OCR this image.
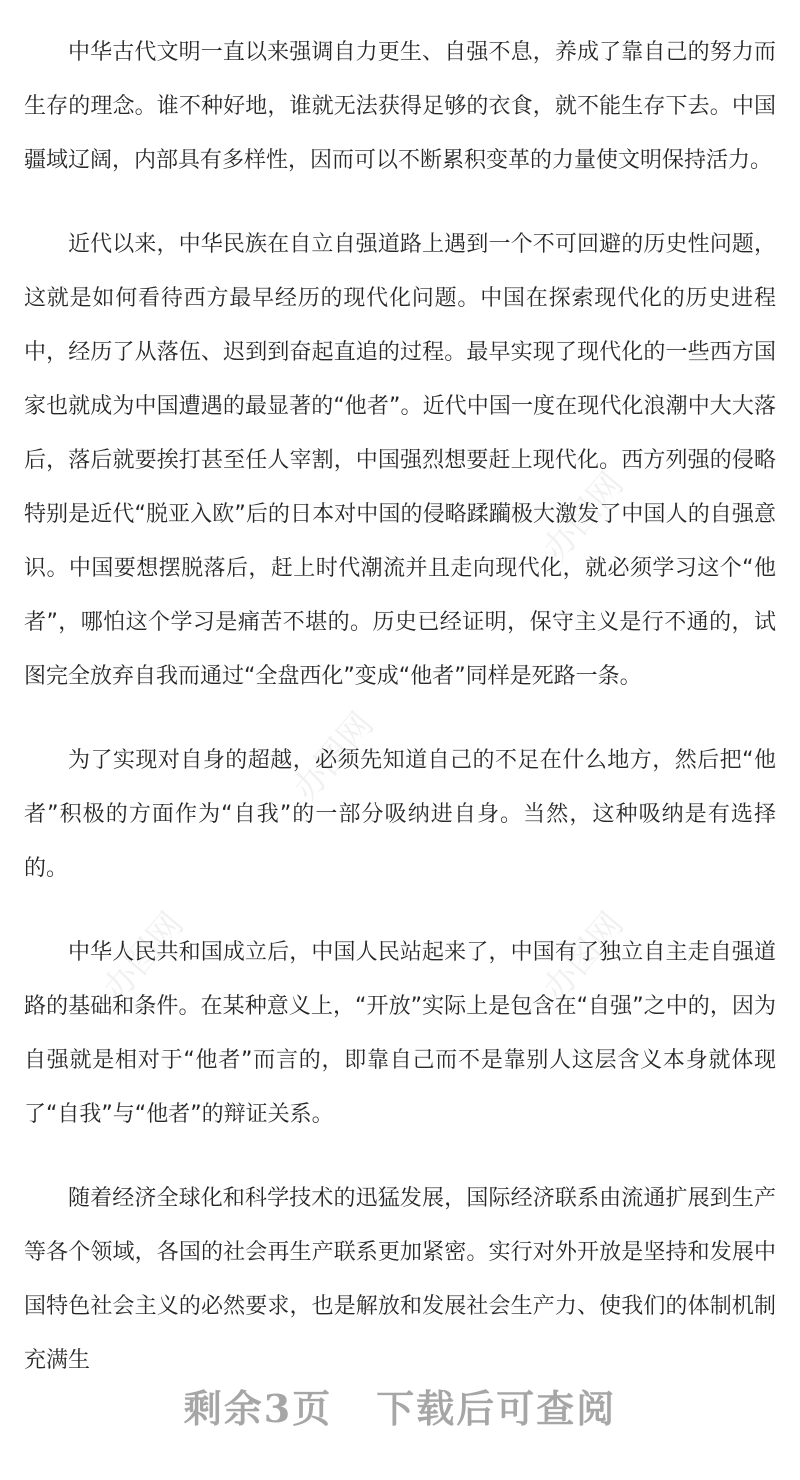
办图网
办图网
办图网	办图网

中华古代文明一直以来强调自力更生、自强不息，养成了靠自己的努力而生存的理念。谁不种好地，谁就无法获得足够的衣食，就不能生存下去。中国疆域辽阔，内部具有多样性，因而可以不断累积变革的力量使文明保持活力。

近代以来，中华民族在自立自强道路上遇到一个不可回避的历史性问题，这就是如何看待西方最早经历的现代化问题。中国在探索现代化的历史进程中，经历了从落伍、迟到到奋起直追的过程。最早实现了现代化的一些西方国家也就成为中国遭遇的最显著的“他者”。近代中国一度在现代化浪潮中大大落后，落后就要挨打甚至任人宰割，中国强烈想要赶上现代化。西方列强的侵略特别是近代“脱亚入欧”后的日本对中国的侵略蹂躏极大激发了中国人的自强意识。中国要想摆脱落后，赶上时代潮流并且走向现代化，就必须学习这个“他者”，哪怕这个学习是痛苦不堪的。历史已经证明，保守主义是行不通的，试图完全放弃自我而通过“全盘西化”变成“他者”同样是死路一条。

为了实现对自身的超越，必须先知道自己的不足在什么地方，然后把“他者”积极的方面作为“自我”的一部分吸纳进自身。当然，这种吸纳是有选择的。

中华人民共和国成立后，中国人民站起来了，中国有了独立自主走自强道路的基础和条件。在某种意义上，“开放”实际上是包含在“自强”之中的，因为自强就是相对于“他者”而言的，即靠自己而不是靠别人这层含义本身就体现了“自我”与“他者”的辩证关系。

随着经济全球化和科学技术的迅猛发展，国际经济联系由流通扩展到生产等各个领域，各国的社会再生产联系更加紧密。实行对外开放是坚持和发展中国特色社会主义的必然要求，也是解放和发展社会生产力、使我们的体制机制充满生

剩余3页 下载后可查阅
